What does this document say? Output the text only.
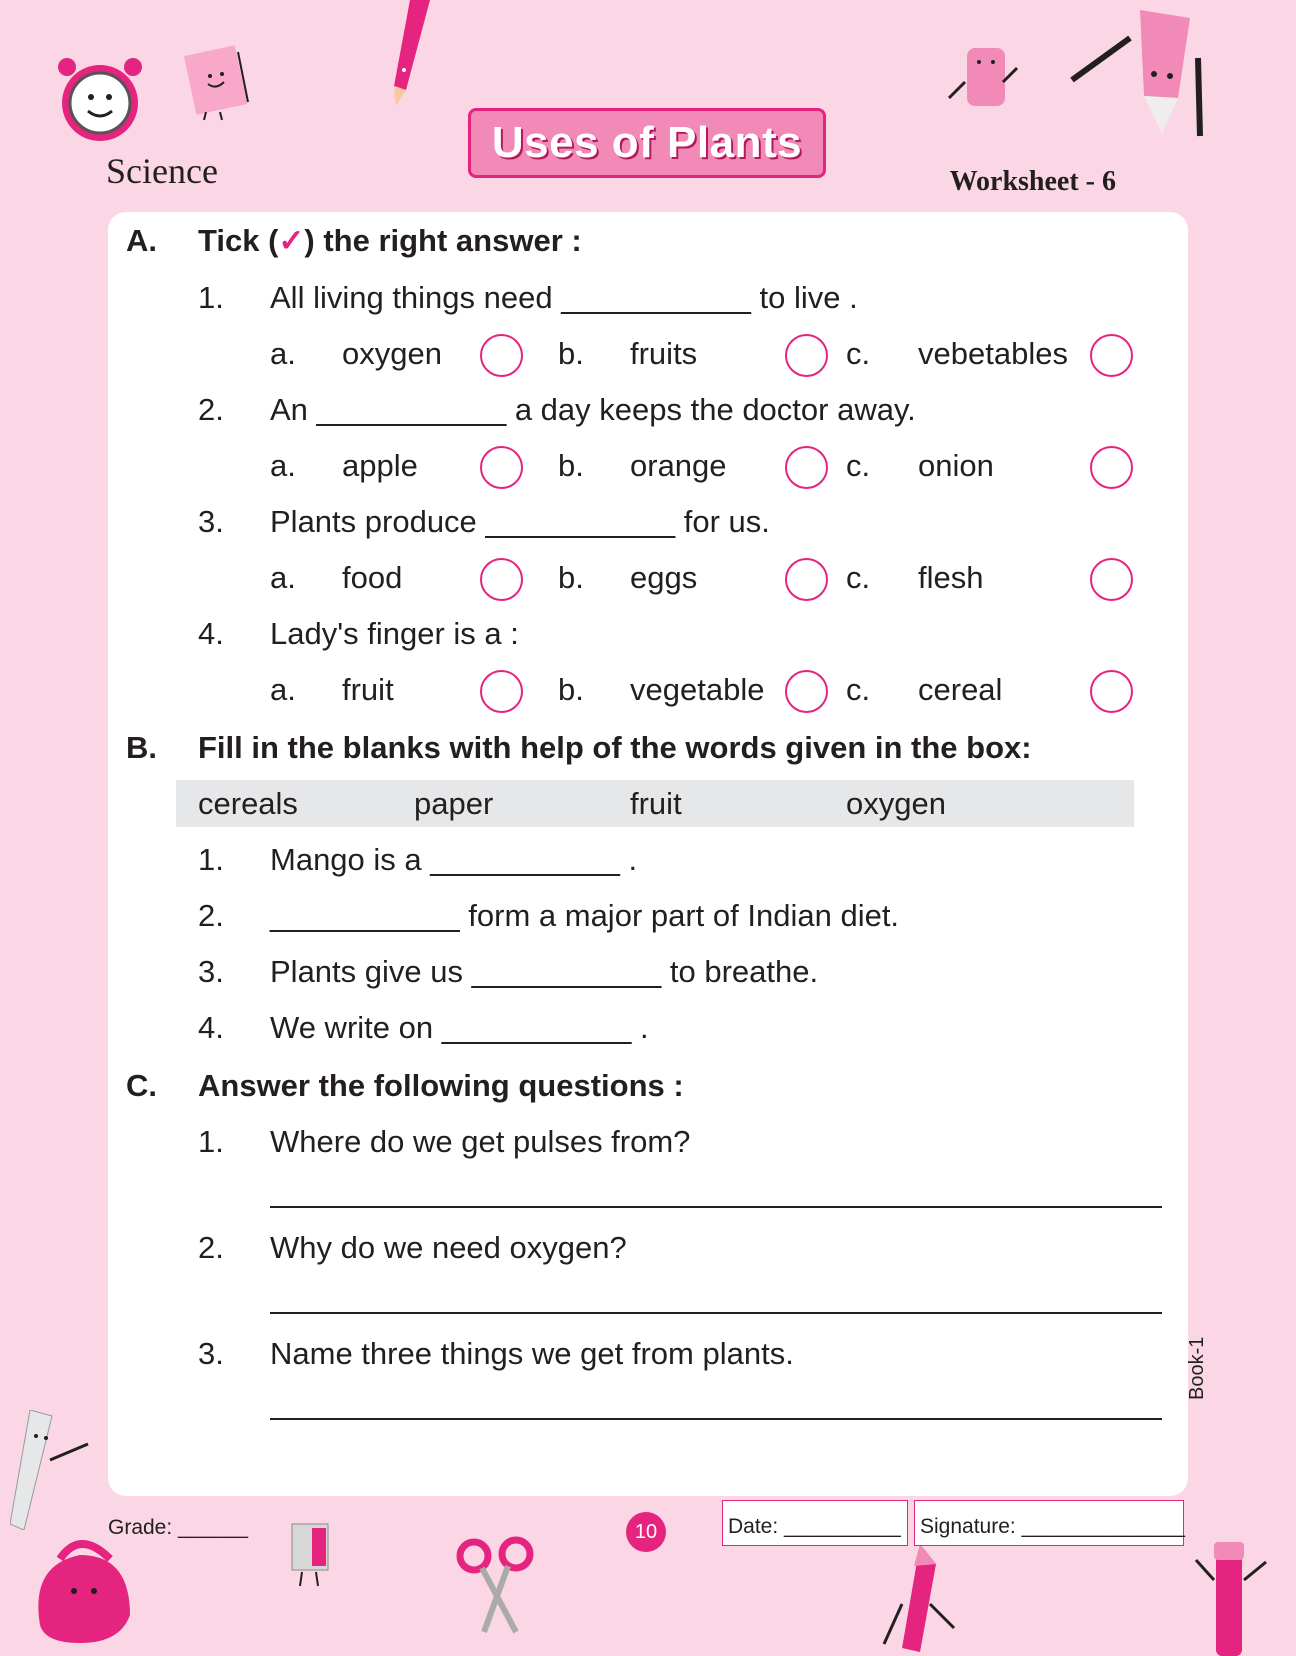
Science
Uses of Plants
Worksheet - 6
A. Tick (✓) the right answer :
1. All living things need ___________ to live .
a. oxygen	b. fruits	c. vebetables
2. An ___________ a day keeps the doctor away.
a. apple	b. orange	c. onion
3. Plants produce ___________ for us.
a. food	b. eggs	c. flesh
4. Lady's finger is a :
a. fruit	b. vegetable	c. cereal
B. Fill in the blanks with help of the words given in the box:
cereals	paper	fruit	oxygen
1. Mango is a ___________ .
2. ___________ form a major part of Indian diet.
3. Plants give us ___________ to breathe.
4. We write on ___________ .
C. Answer the following questions :
1. Where do we get pulses from?
2. Why do we need oxygen?
3. Name three things we get from plants.	Book-1
Grade: ______	10	Date: __________ Signature: ______________
